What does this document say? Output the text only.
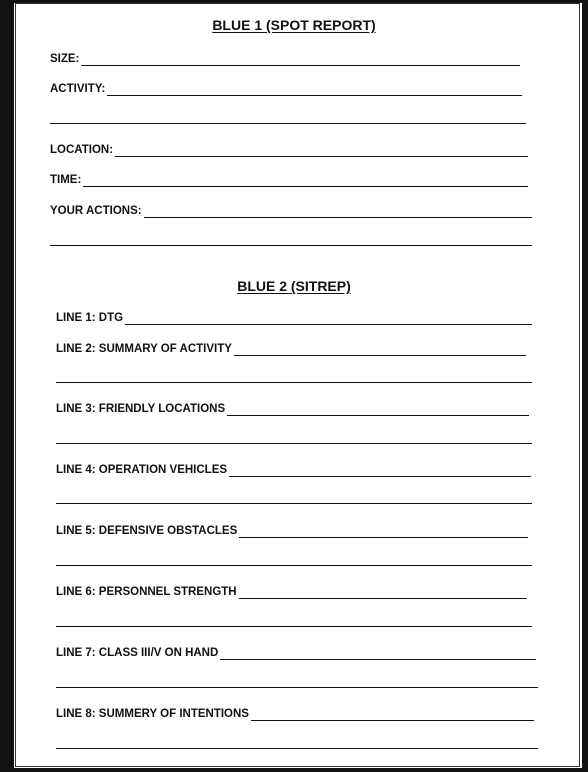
BLUE 1 (SPOT REPORT)
SIZE:
ACTIVITY:
LOCATION:
TIME:
YOUR ACTIONS:
BLUE 2 (SITREP)
LINE 1: DTG
LINE 2: SUMMARY OF ACTIVITY
LINE 3: FRIENDLY LOCATIONS
LINE 4: OPERATION VEHICLES
LINE 5: DEFENSIVE OBSTACLES
LINE 6: PERSONNEL STRENGTH
LINE 7: CLASS III/V ON HAND
LINE 8: SUMMERY OF INTENTIONS
